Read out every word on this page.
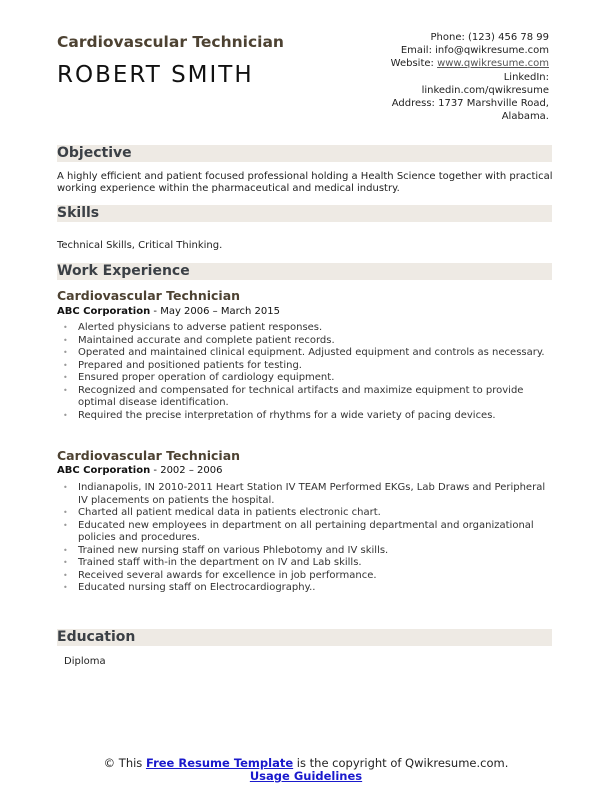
Cardiovascular Technician
ROBERT SMITH
Phone: (123) 456 78 99
Email: info@qwikresume.com
Website: www.qwikresume.com
LinkedIn:
linkedin.com/qwikresume
Address: 1737 Marshville Road,
Alabama.
Objective
A highly efficient and patient focused professional holding a Health Science together with practical working experience within the pharmaceutical and medical industry.
Skills
Technical Skills, Critical Thinking.
Work Experience
Cardiovascular Technician
ABC Corporation - May 2006 – March 2015
• Alerted physicians to adverse patient responses.
• Maintained accurate and complete patient records.
• Operated and maintained clinical equipment. Adjusted equipment and controls as necessary.
• Prepared and positioned patients for testing.
• Ensured proper operation of cardiology equipment.
• Recognized and compensated for technical artifacts and maximize equipment to provide optimal disease identification.
• Required the precise interpretation of rhythms for a wide variety of pacing devices.
Cardiovascular Technician
ABC Corporation - 2002 – 2006
• Indianapolis, IN 2010-2011 Heart Station IV TEAM Performed EKGs, Lab Draws and Peripheral IV placements on patients the hospital.
• Charted all patient medical data in patients electronic chart.
• Educated new employees in department on all pertaining departmental and organizational policies and procedures.
• Trained new nursing staff on various Phlebotomy and IV skills.
• Trained staff with-in the department on IV and Lab skills.
• Received several awards for excellence in job performance.
• Educated nursing staff on Electrocardiography..
Education
Diploma
© This Free Resume Template is the copyright of Qwikresume.com. Usage Guidelines
